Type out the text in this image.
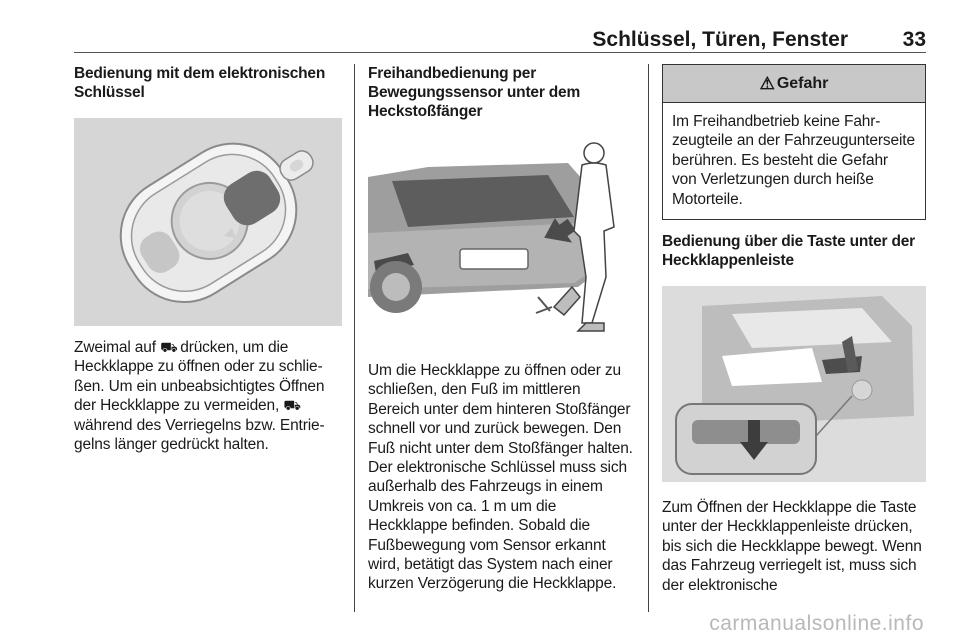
Schlüssel, Türen, Fenster	33
Bedienung mit dem elektronischen Schlüssel
Zweimal auf ⛟ drücken, um die Heckklappe zu öffnen oder zu schließen. Um ein unbeabsichtigtes Öffnen der Heckklappe zu vermeiden, ⛟ während des Verriegelns bzw. Entriegelns länger gedrückt halten.
Freihandbedienung per Bewegungssensor unter dem Heckstoßfänger
Um die Heckklappe zu öffnen oder zu schließen, den Fuß im mittleren Bereich unter dem hinteren Stoßfänger schnell vor und zurück bewegen. Den Fuß nicht unter dem Stoßfänger halten. Der elektronische Schlüssel muss sich außerhalb des Fahrzeugs in einem Umkreis von ca. 1 m um die Heckklappe befinden. Sobald die Fußbewegung vom Sensor erkannt wird, betätigt das System nach einer kurzen Verzögerung die Heckklappe.
⚠ Gefahr
Im Freihandbetrieb keine Fahrzeugteile an der Fahrzeugunterseite berühren. Es besteht die Gefahr von Verletzungen durch heiße Motorteile.
Bedienung über die Taste unter der Heckklappenleiste
Zum Öffnen der Heckklappe die Taste unter der Heckklappenleiste drücken, bis sich die Heckklappe bewegt. Wenn das Fahrzeug verriegelt ist, muss sich der elektronische
carmanualsonline.info
